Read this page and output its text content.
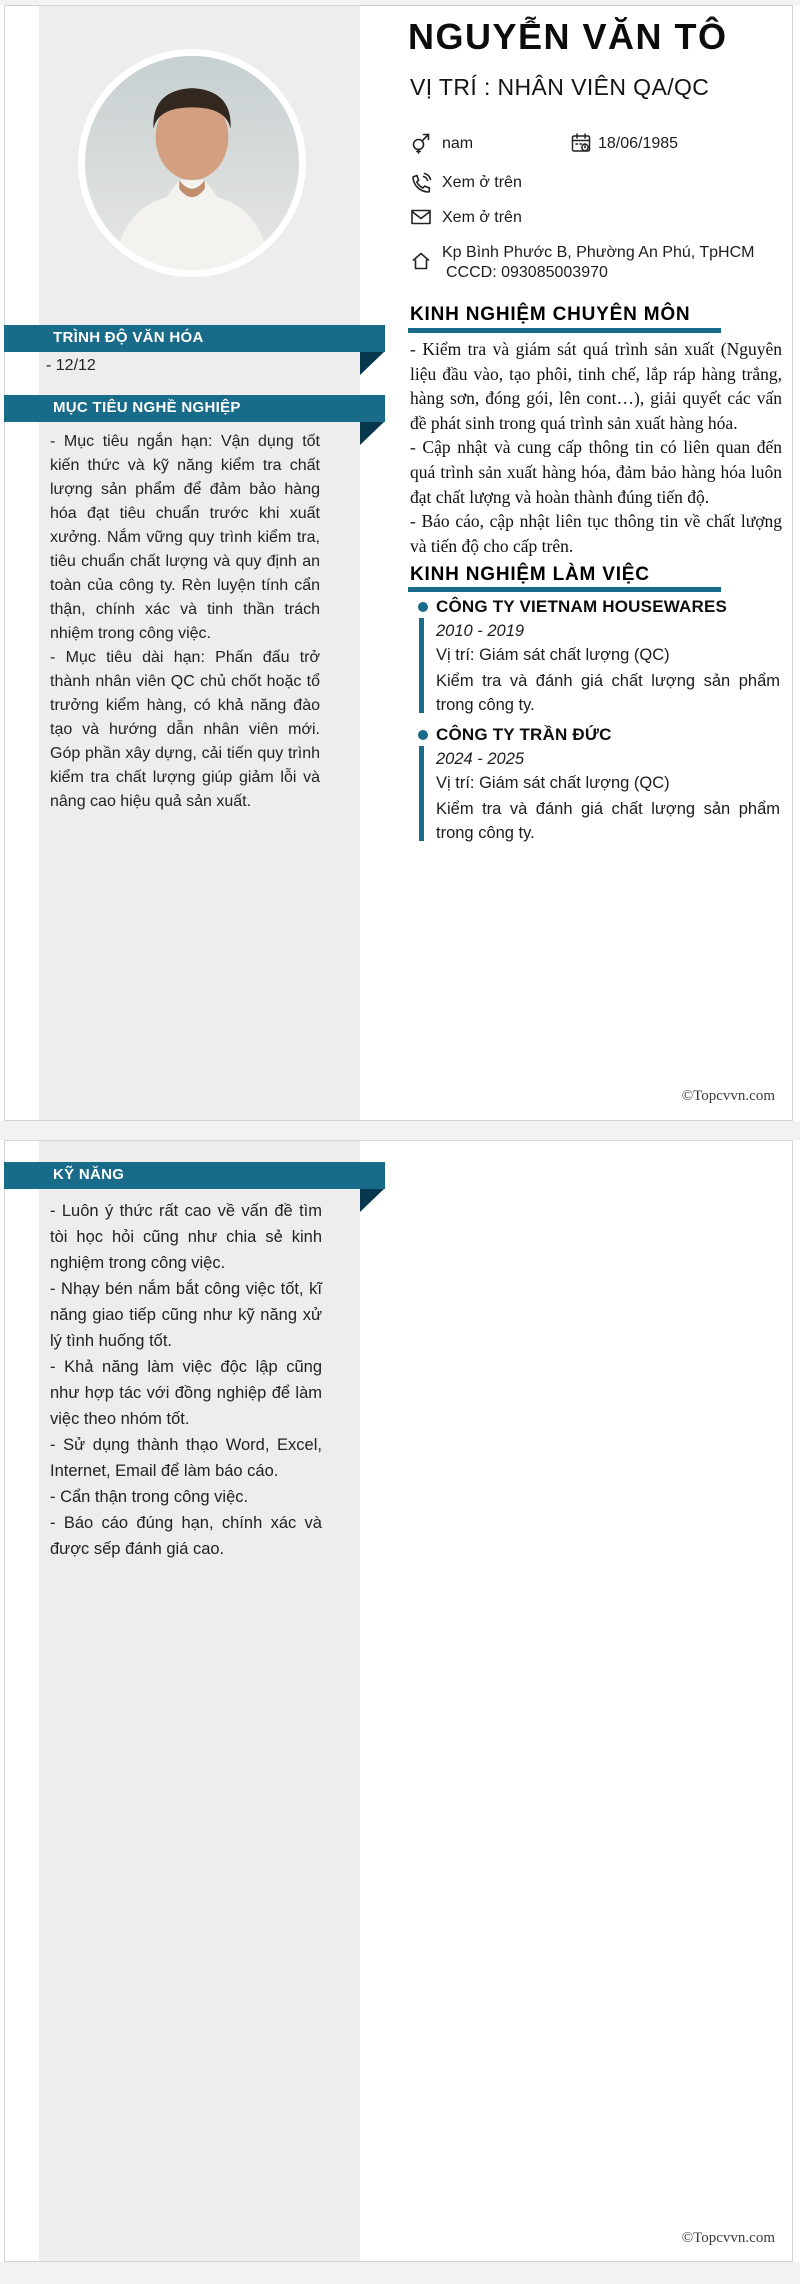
NGUYỄN VĂN TÔ
VỊ TRÍ : NHÂN VIÊN QA/QC
nam	18/06/1985
Xem ở trên
Xem ở trên
Kp Bình Phước B, Phường An Phú, TpHCM
CCCD: 093085003970
TRÌNH ĐỘ VĂN HÓA
- 12/12
MỤC TIÊU NGHỀ NGHIỆP

- Mục tiêu ngắn hạn: Vận dụng tốt kiến thức và kỹ năng kiểm tra chất lượng sản phẩm để đảm bảo hàng hóa đạt tiêu chuẩn trước khi xuất xưởng. Nắm vững quy trình kiểm tra, tiêu chuẩn chất lượng và quy định an toàn của công ty. Rèn luyện tính cẩn thận, chính xác và tinh thần trách nhiệm trong công việc.

- Mục tiêu dài hạn: Phấn đấu trở thành nhân viên QC chủ chốt hoặc tổ trưởng kiểm hàng, có khả năng đào tạo và hướng dẫn nhân viên mới. Góp phần xây dựng, cải tiến quy trình kiểm tra chất lượng giúp giảm lỗi và nâng cao hiệu quả sản xuất.

KINH NGHIỆM CHUYÊN MÔN

- Kiểm tra và giám sát quá trình sản xuất (Nguyên liệu đầu vào, tạo phôi, tinh chế, lắp ráp hàng trắng, hàng sơn, đóng gói, lên cont…), giải quyết các vấn đề phát sinh trong quá trình sản xuất hàng hóa.

- Cập nhật và cung cấp thông tin có liên quan đến quá trình sản xuất hàng hóa, đảm bảo hàng hóa luôn đạt chất lượng và hoàn thành đúng tiến độ.

- Báo cáo, cập nhật liên tục thông tin về chất lượng và tiến độ cho cấp trên.

KINH NGHIỆM LÀM VIỆC
CÔNG TY VIETNAM HOUSEWARES
2010 - 2019
Vị trí: Giám sát chất lượng (QC)
Kiểm tra và đánh giá chất lượng sản phẩm trong công ty.
CÔNG TY TRẦN ĐỨC
2024 - 2025
Vị trí: Giám sát chất lượng (QC)
Kiểm tra và đánh giá chất lượng sản phẩm trong công ty.
©Topcvvn.com
KỸ NĂNG

- Luôn ý thức rất cao về vấn đề tìm tòi học hỏi cũng như chia sẻ kinh nghiệm trong công việc.

- Nhạy bén nắm bắt công việc tốt, kĩ năng giao tiếp cũng như kỹ năng xử lý tình huống tốt.

- Khả năng làm việc độc lập cũng như hợp tác với đồng nghiệp để làm việc theo nhóm tốt.

- Sử dụng thành thạo Word, Excel, Internet, Email để làm báo cáo.

- Cẩn thận trong công việc.

- Báo cáo đúng hạn, chính xác và được sếp đánh giá cao.

©Topcvvn.com
